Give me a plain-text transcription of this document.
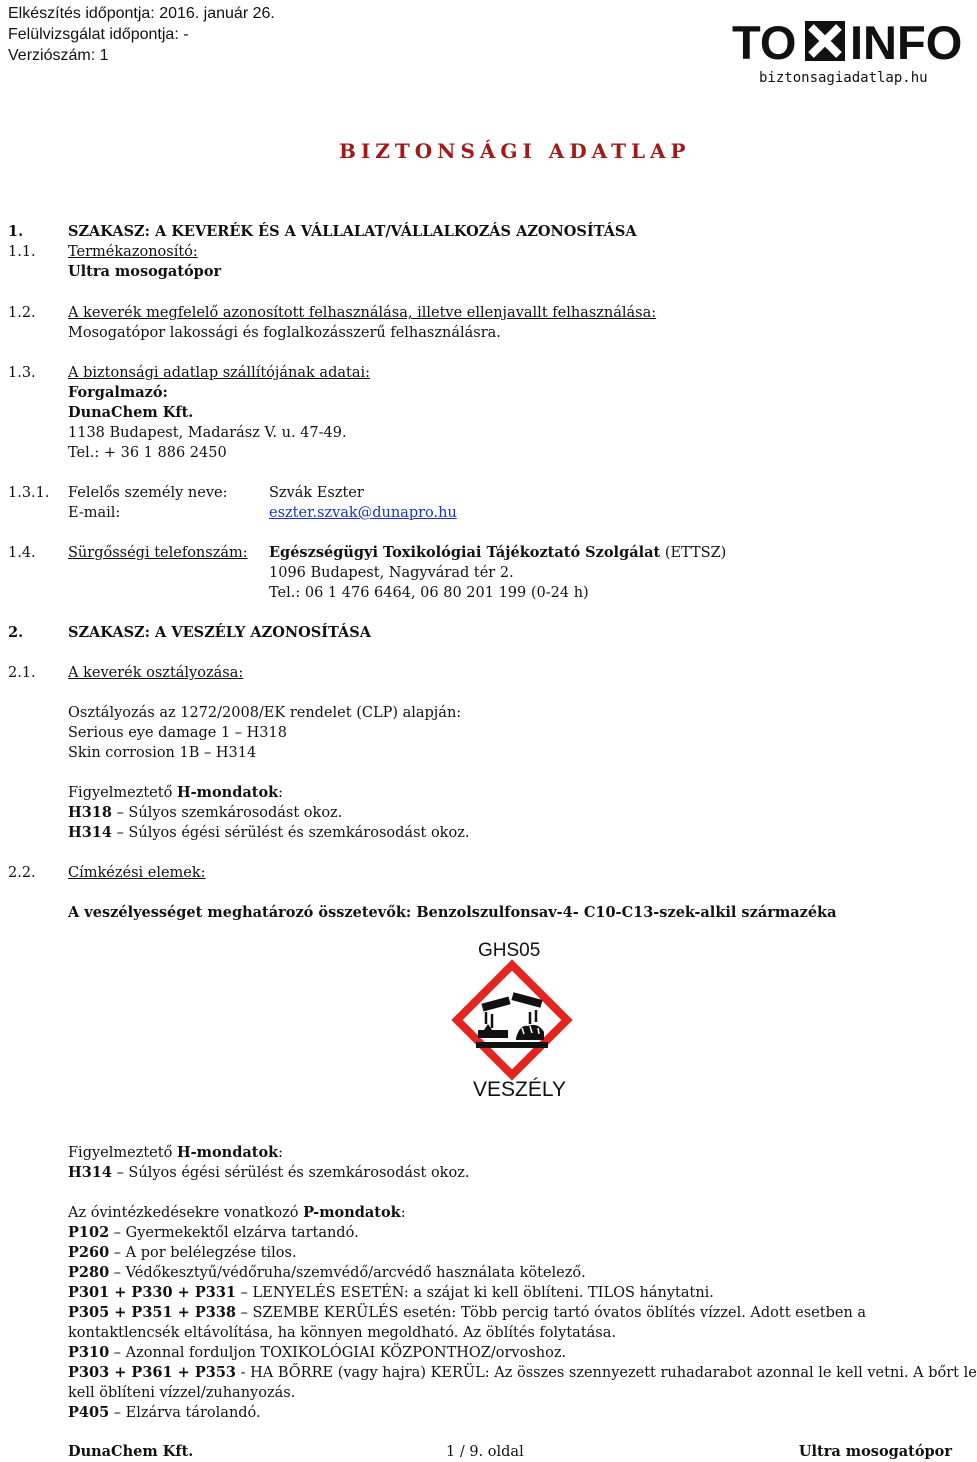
Elkészítés időpontja: 2016. január 26.
Felülvizsgálat időpontja: -
Verziószám: 1	TO INFO
biztonsagiadatlap.hu
BIZTONSÁGI ADATLAP
1.	SZAKASZ: A KEVERÉK ÉS A VÁLLALAT/VÁLLALKOZÁS AZONOSÍTÁSA
1.1. Termékazonosító:
Ultra mosogatópor
1.2. A keverék megfelelő azonosított felhasználása, illetve ellenjavallt felhasználása:
Mosogatópor lakossági és foglalkozásszerű felhasználásra.
1.3. A biztonsági adatlap szállítójának adatai:
Forgalmazó:
DunaChem Kft.
1138 Budapest, Madarász V. u. 47-49.
Tel.: + 36 1 886 2450
1.3.1. Felelős személy neve:	Szvák Eszter
E-mail:	eszter.szvak@dunapro.hu
1.4. Sürgősségi telefonszám: Egészségügyi Toxikológiai Tájékoztató Szolgálat (ETTSZ)
1096 Budapest, Nagyvárad tér 2.
Tel.: 06 1 476 6464, 06 80 201 199 (0-24 h)
2.	SZAKASZ: A VESZÉLY AZONOSÍTÁSA
2.1. A keverék osztályozása:
Osztályozás az 1272/2008/EK rendelet (CLP) alapján:
Serious eye damage 1 – H318
Skin corrosion 1B – H314
Figyelmeztető H-mondatok:
H318 – Súlyos szemkárosodást okoz.
H314 – Súlyos égési sérülést és szemkárosodást okoz.
2.2. Címkézési elemek:
A veszélyességet meghatározó összetevők: Benzolszulfonsav-4- C10-C13-szek-alkil származéka
GHS05
VESZÉLY
Figyelmeztető H-mondatok:
H314 – Súlyos égési sérülést és szemkárosodást okoz.
Az óvintézkedésekre vonatkozó P-mondatok:
P102 – Gyermekektől elzárva tartandó.
P260 – A por belélegzése tilos.
P280 – Védőkesztyű/védőruha/szemvédő/arcvédő használata kötelező.
P301 + P330 + P331 – LENYELÉS ESETÉN: a szájat ki kell öblíteni. TILOS hánytatni.
P305 + P351 + P338 – SZEMBE KERÜLÉS esetén: Több percig tartó óvatos öblítés vízzel. Adott esetben a
kontaktlencsék eltávolítása, ha könnyen megoldható. Az öblítés folytatása.
P310 – Azonnal forduljon TOXIKOLÓGIAI KÖZPONTHOZ/orvoshoz.
P303 + P361 + P353 - HA BŐRRE (vagy hajra) KERÜL: Az összes szennyezett ruhadarabot azonnal le kell vetni. A bőrt le
kell öblíteni vízzel/zuhanyozás.
P405 – Elzárva tárolandó.
DunaChem Kft.	1 / 9. oldal	Ultra mosogatópor
